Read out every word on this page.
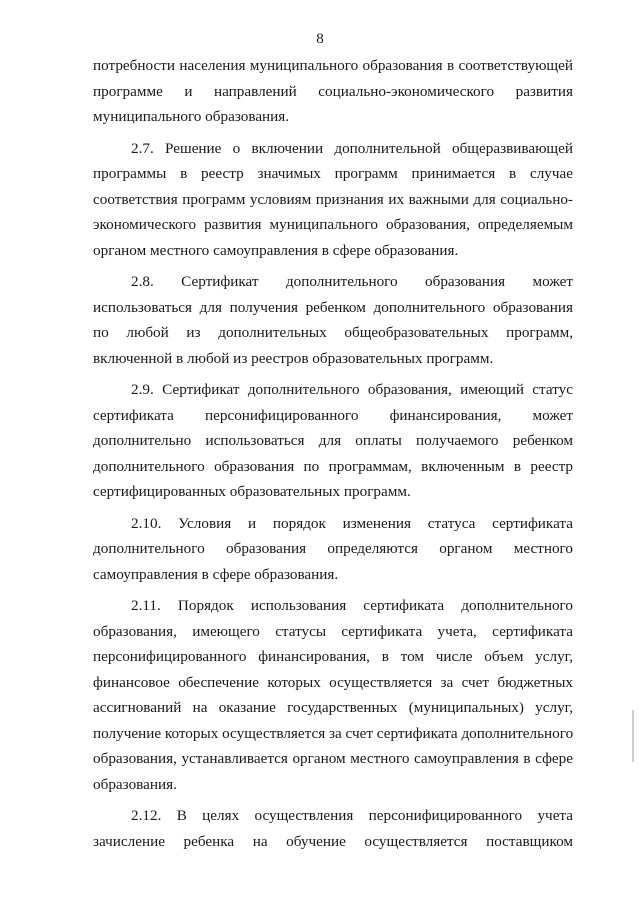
8

потребности населения муниципального образования в соответствующей
программе и направлений социально-экономического развития
муниципального образования.

2.7. Решение о включении дополнительной общеразвивающей
программы в реестр значимых программ принимается в случае
соответствия программ условиям признания их важными для социально-
экономического развития муниципального образования, определяемым
органом местного самоуправления в сфере образования.

2.8. Сертификат дополнительного образования может
использоваться для получения ребенком дополнительного образования
по любой из дополнительных общеобразовательных программ,
включенной в любой из реестров образовательных программ.

2.9. Сертификат дополнительного образования, имеющий статус
сертификата персонифицированного финансирования, может
дополнительно использоваться для оплаты получаемого ребенком
дополнительного образования по программам, включенным в реестр
сертифицированных образовательных программ.

2.10. Условия и порядок изменения статуса сертификата
дополнительного образования определяются органом местного
самоуправления в сфере образования.

2.11. Порядок использования сертификата дополнительного
образования, имеющего статусы сертификата учета, сертификата
персонифицированного финансирования, в том числе объем услуг,
финансовое обеспечение которых осуществляется за счет бюджетных
ассигнований на оказание государственных (муниципальных) услуг,
получение которых осуществляется за счет сертификата дополнительного
образования, устанавливается органом местного самоуправления в сфере
образования.

2.12. В целях осуществления персонифицированного учета
зачисление ребенка на обучение осуществляется поставщиком
